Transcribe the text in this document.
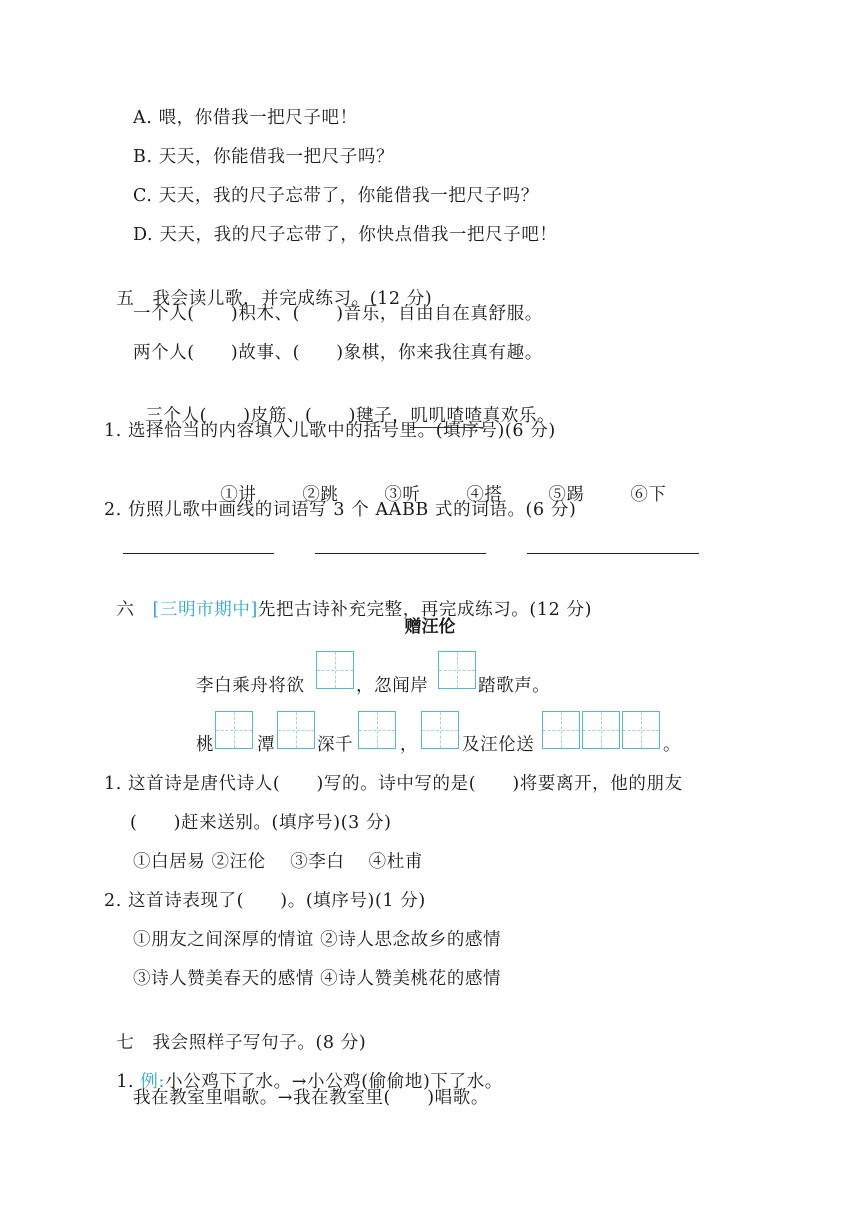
A. 喂，你借我一把尺子吧！
B. 天天，你能借我一把尺子吗？
C. 天天，我的尺子忘带了，你能借我一把尺子吗？
D. 天天，我的尺子忘带了，你快点借我一把尺子吧！

五　 我会读儿歌，并完成练习。(12 分)

一个人(　　)积木、(　　)音乐，自由自在真舒服。
两个人(　　)故事、(　　)象棋，你来我往真有趣。

三个人(　　)皮筋、(　　)毽子，叽叽喳喳真欢乐。

1. 选择恰当的内容填入儿歌中的括号里。(填序号)(6 分)

①讲	②跳	③听	④搭	⑤踢	⑥下

2. 仿照儿歌中画线的词语写 3 个 AABB 式的词语。(6 分)

六　 [三明市期中]先把古诗补充完整，再完成练习。(12 分)

赠汪伦
李白乘舟将欲	，忽闻岸	踏歌声。
桃 潭 深千	，	及汪伦送	。
1. 这首诗是唐代诗人(　　)写的。诗中写的是(　　)将要离开，他的朋友
(　　)赶来送别。(填序号)(3 分)
①白居易 ②汪伦　 ③李白　 ④杜甫
2. 这首诗表现了(　　)。(填序号)(1 分)
①朋友之间深厚的情谊 ②诗人思念故乡的感情
③诗人赞美春天的感情 ④诗人赞美桃花的感情

七　 我会照样子写句子。(8 分)

1. 例:小公鸡下了水。→小公鸡(偷偷地)下了水。

我在教室里唱歌。→我在教室里(　　)唱歌。
